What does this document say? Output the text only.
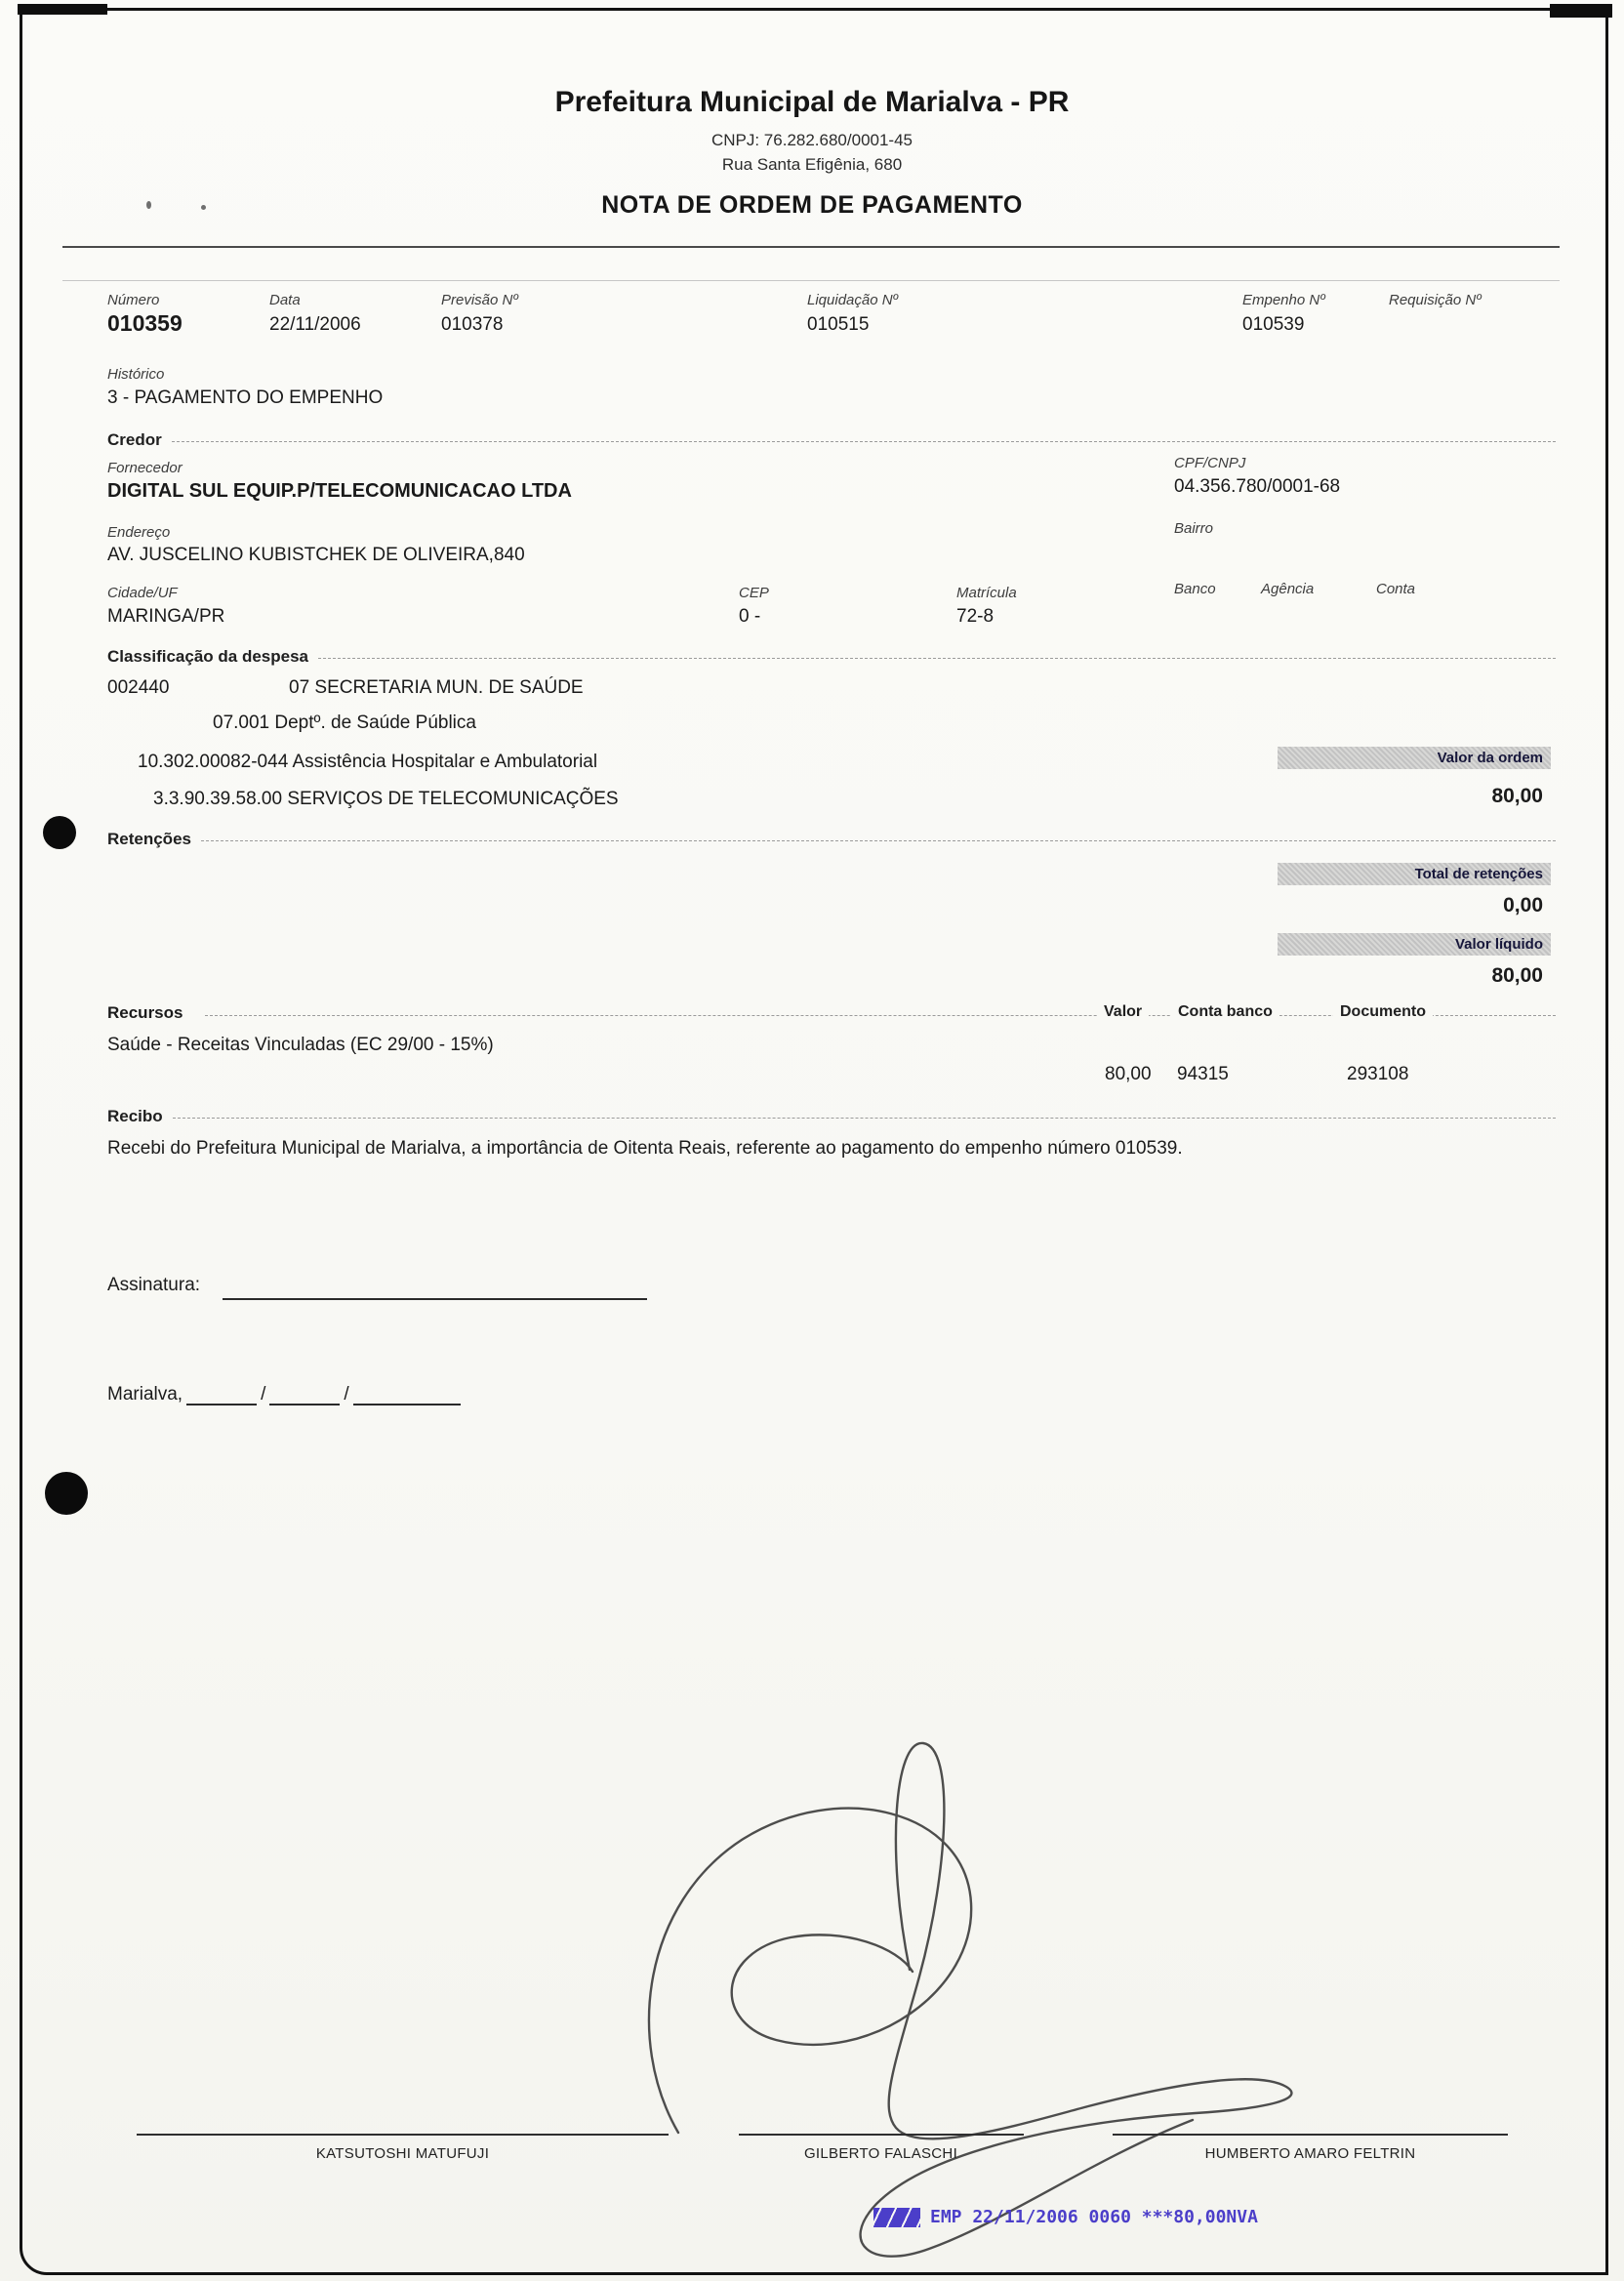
Prefeitura Municipal de Marialva - PR
CNPJ: 76.282.680/0001-45
Rua Santa Efigênia, 680
NOTA DE ORDEM DE PAGAMENTO
Número	Data	Previsão Nº	Liquidação Nº	Empenho Nº	Requisição Nº
010359	22/11/2006	010378	010515	010539
Histórico
3 - PAGAMENTO DO EMPENHO
Credor
Fornecedor
DIGITAL SUL EQUIP.P/TELECOMUNICACAO LTDA
CPF/CNPJ
04.356.780/0001-68
Endereço
AV. JUSCELINO KUBISTCHEK DE OLIVEIRA,840
Bairro
Cidade/UF	CEP	Matrícula	Banco	Agência	Conta
MARINGA/PR	0 -	72-8
Classificação da despesa
002440	07 SECRETARIA MUN. DE SAÚDE
07.001 Deptº. de Saúde Pública
10.302.00082-044 Assistência Hospitalar e Ambulatorial
3.3.90.39.58.00 SERVIÇOS DE TELECOMUNICAÇÕES
Valor da ordem
80,00
Retenções
Total de retenções
0,00
Valor líquido
80,00
Recursos	Valor	Conta banco	Documento
Saúde - Receitas Vinculadas (EC 29/00 - 15%)
80,00 94315	293108
Recibo
Recebi do Prefeitura Municipal de Marialva, a importância de Oitenta Reais, referente ao pagamento do empenho número 010539.
Assinatura:
Marialva,	/	/
KATSUTOSHI MATUFUJI	GILBERTO FALASCHI	HUMBERTO AMARO FELTRIN
EMP 22/11/2006 0060 ***80,00NVA
